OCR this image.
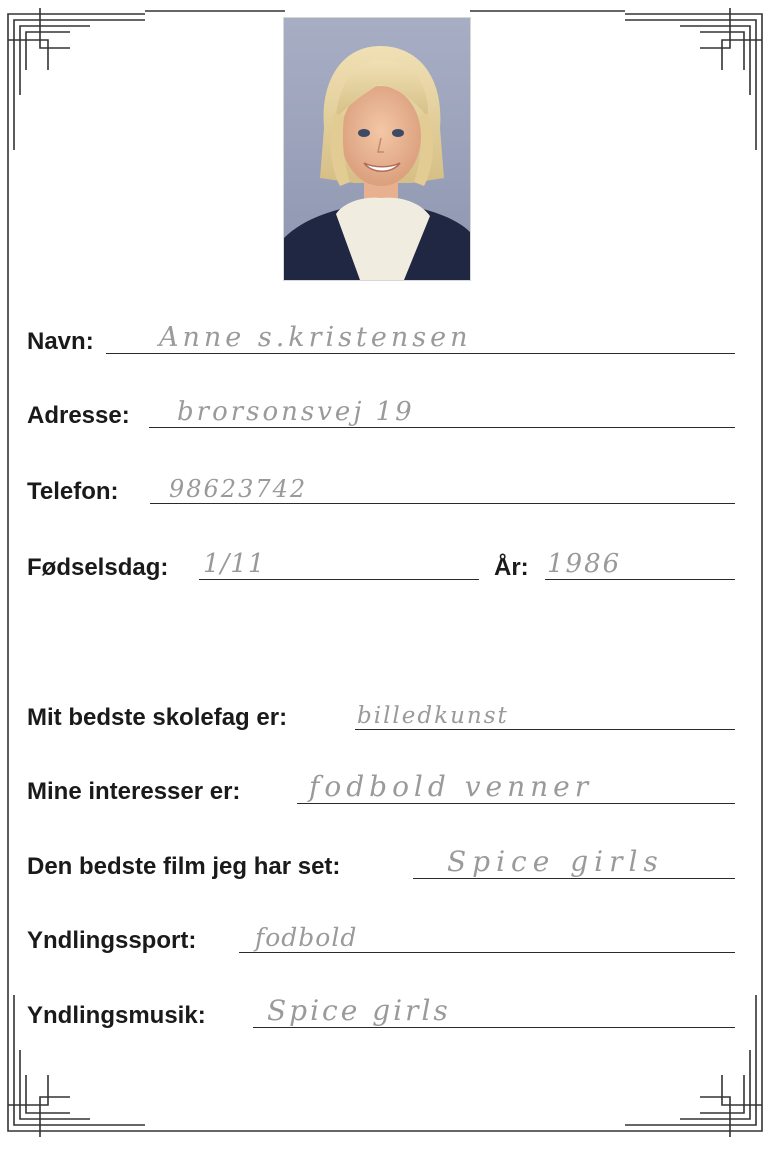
Navn: Anne s.kristensen
Adresse: brorsonsvej 19
Telefon: 98623742
Fødselsdag: 1/11	År: 1986
Mit bedste skolefag er:	billedkunst
Mine interesser er: fodbold venner
Den bedste film jeg har set:	Spice girls
Yndlingssport: fodbold
Yndlingsmusik: Spice girls
